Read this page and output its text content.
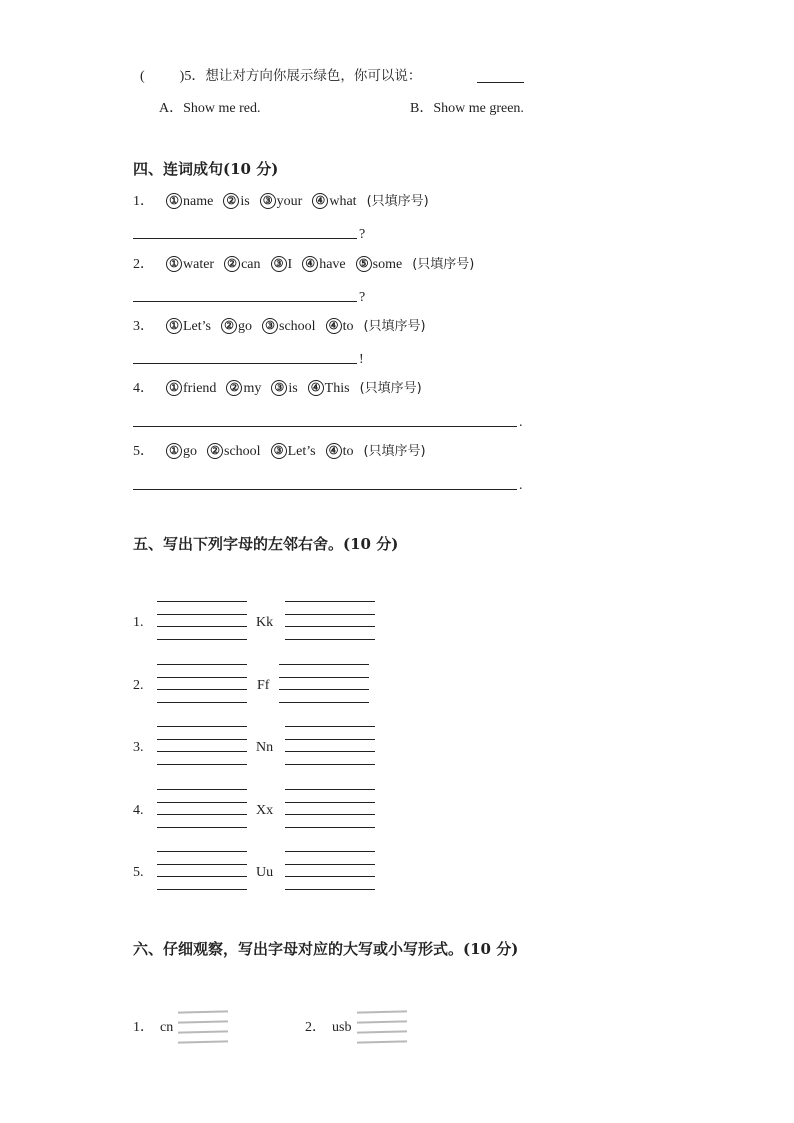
(          )5．想让对方向你展示绿色，你可以说：
A．Show me red.	B．Show me green.
四、连词成句(10 分)
1． ① name ② is ③ your ④ what (只填序号)
?
2． ① water ② can ③ I ④ have ⑤ some (只填序号)
?
3． ① Let’s ② go ③ school ④ to (只填序号)
!
4． ① friend ② my ③ is ④ This (只填序号)
.
5． ① go ② school ③ Let’s ④ to (只填序号)
.
五、写出下列字母的左邻右舍。(10 分)
1.	Kk
2.	Ff
3.	Nn
4.	Xx
5.	Uu
六、仔细观察，写出字母对应的大写或小写形式。(10 分)
1． cn	2． usb
